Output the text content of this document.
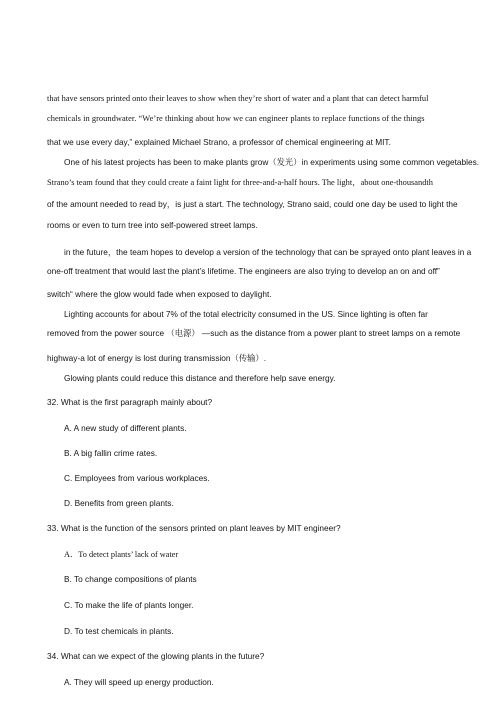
that have sensors printed onto their leaves to show when they’re short of water and a plant that can detect harmful
chemicals in groundwater. “We’re thinking about how we can engineer plants to replace functions of the things
that we use every day,” explained Michael Strano, a professor of chemical engineering at MIT.
One of his latest projects has been to make plants grow（发光）in experiments using some common vegetables.
Strano’s team found that they could create a faint light for three-and-a-half hours. The light，about one-thousandth
of the amount needed to read by，is just a start. The technology, Strano said, could one day be used to light the
rooms or even to turn tree into self-powered street lamps.
in the future，the team hopes to develop a version of the technology that can be sprayed onto plant leaves in a
one-off treatment that would last the plant’s lifetime. The engineers are also trying to develop an on and off”
switch“ where the glow would fade when exposed to daylight.
Lighting accounts for about 7% of the total electricity consumed in the US. Since lighting is often far
removed from the power source （电源） —such as the distance from a power plant to street lamps on a remote
highway-a lot of energy is lost during transmission（传输）.
Glowing plants could reduce this distance and therefore help save energy.
32. What is the first paragraph mainly about?
A. A new study of different plants.
B. A big fallin crime rates.
C. Employees from various workplaces.
D. Benefits from green plants.
33. What is the function of the sensors printed on plant leaves by MIT engineer?
A．To detect plants’ lack of water
B. To change compositions of plants
C. To make the life of plants longer.
D. To test chemicals in plants.
34. What can we expect of the glowing plants in the future?
A. They will speed up energy production.
